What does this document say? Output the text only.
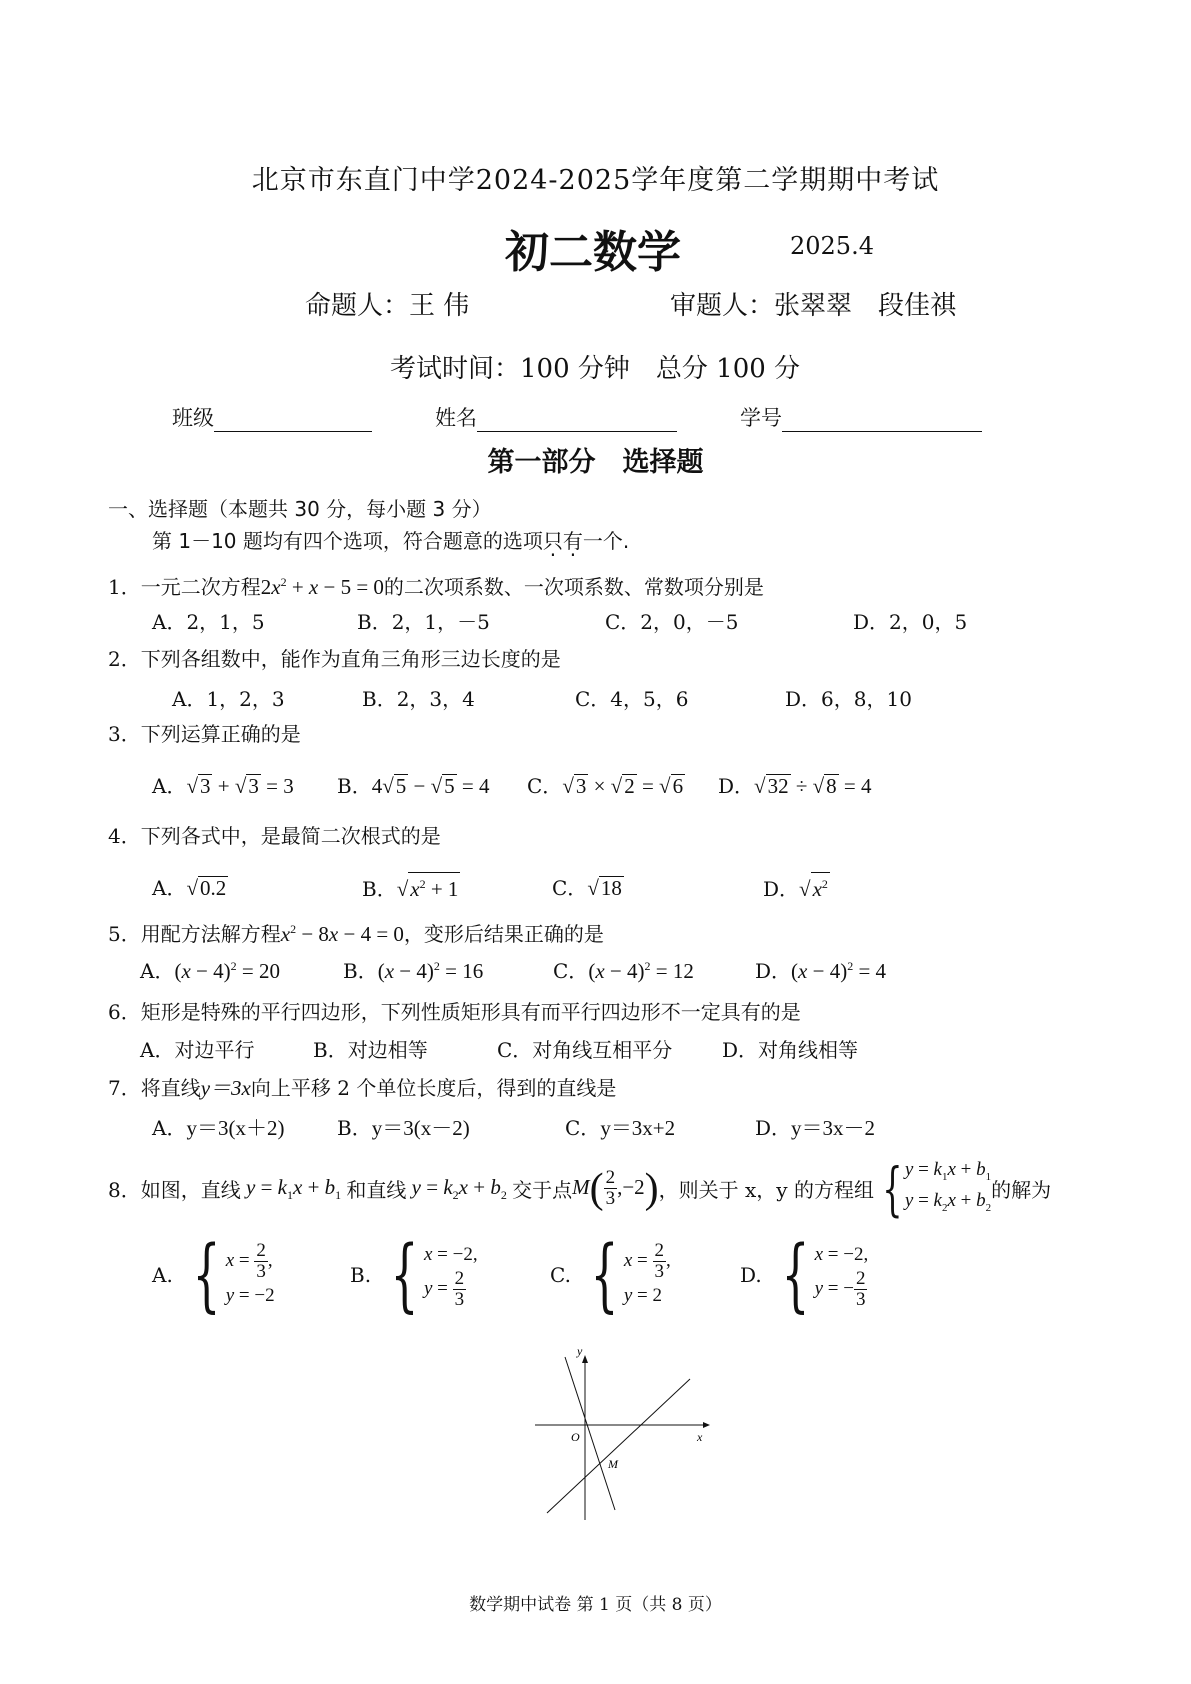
北京市东直门中学2024-2025学年度第二学期期中考试
初二数学	2025.4
命题人：王 伟	审题人：张翠翠　段佳祺
考试时间：100 分钟　总分 100 分
班级	姓名	学号
第一部分　选择题
一、选择题（本题共 30 分，每小题 3 分）
第 1－10 题均有四个选项，符合题意的选项只有一个.
1．一元二次方程$2x^2 + x - 5 = 0$的二次项系数、一次项系数、常数项分别是
A．2，1，5	B．2，1，－5	C．2，0，－5	D．2，0，5
2．下列各组数中，能作为直角三角形三边长度的是
A．1，2，3	B．2，3，4	C．4，5，6	D．6，8，10
3．下列运算正确的是
A．√3 + √3 = 3 B．4√5 − √5 = 4 C．√3 × √2 = √6 D．√32 ÷ √8 = 4
4．下列各式中，是最简二次根式的是
A．√0.2	B．$√x^2 + 1$	C．√18	D．$√x^2$
5．用配方法解方程$x^2 - 8x - 4 = 0$，变形后结果正确的是
A．$(x - 4)^2 = 20$	B．$(x - 4)^2 = 16$	C．$(x - 4)^2 = 12$	D．$(x - 4)^2 = 4$
6．矩形是特殊的平行四边形，下列性质矩形具有而平行四边形不一定具有的是
A．对边平行	B．对边相等	C．对角线互相平分 D．对角线相等
7．将直线y＝3x向上平移 2 个单位长度后，得到的直线是
A．y＝3(x＋2)	B．y＝3(x－2)	C．y＝3x+2	D．y＝3x－2
8． 如图，直线 $y = k_1x + b_1$ 和直线 $y = k_2x + b_2$ 交于点 $M( \frac{2}{3} ,-2)$ ，则关于 x，y 的方程组 { $y = k_1x + b_1$
$y = k_2x + b_2$
的解为
A. { $x = \frac{2}{3}$ ,
y = −2
B. { x = −2,
$y = \frac{2}{3}$	C. { $x = \frac{2}{3}$ ,
y = 2
D. { x = −2,
y = − $\frac{2}{3}$
y
x
O
M
数学期中试卷 第 1 页（共 8 页）
